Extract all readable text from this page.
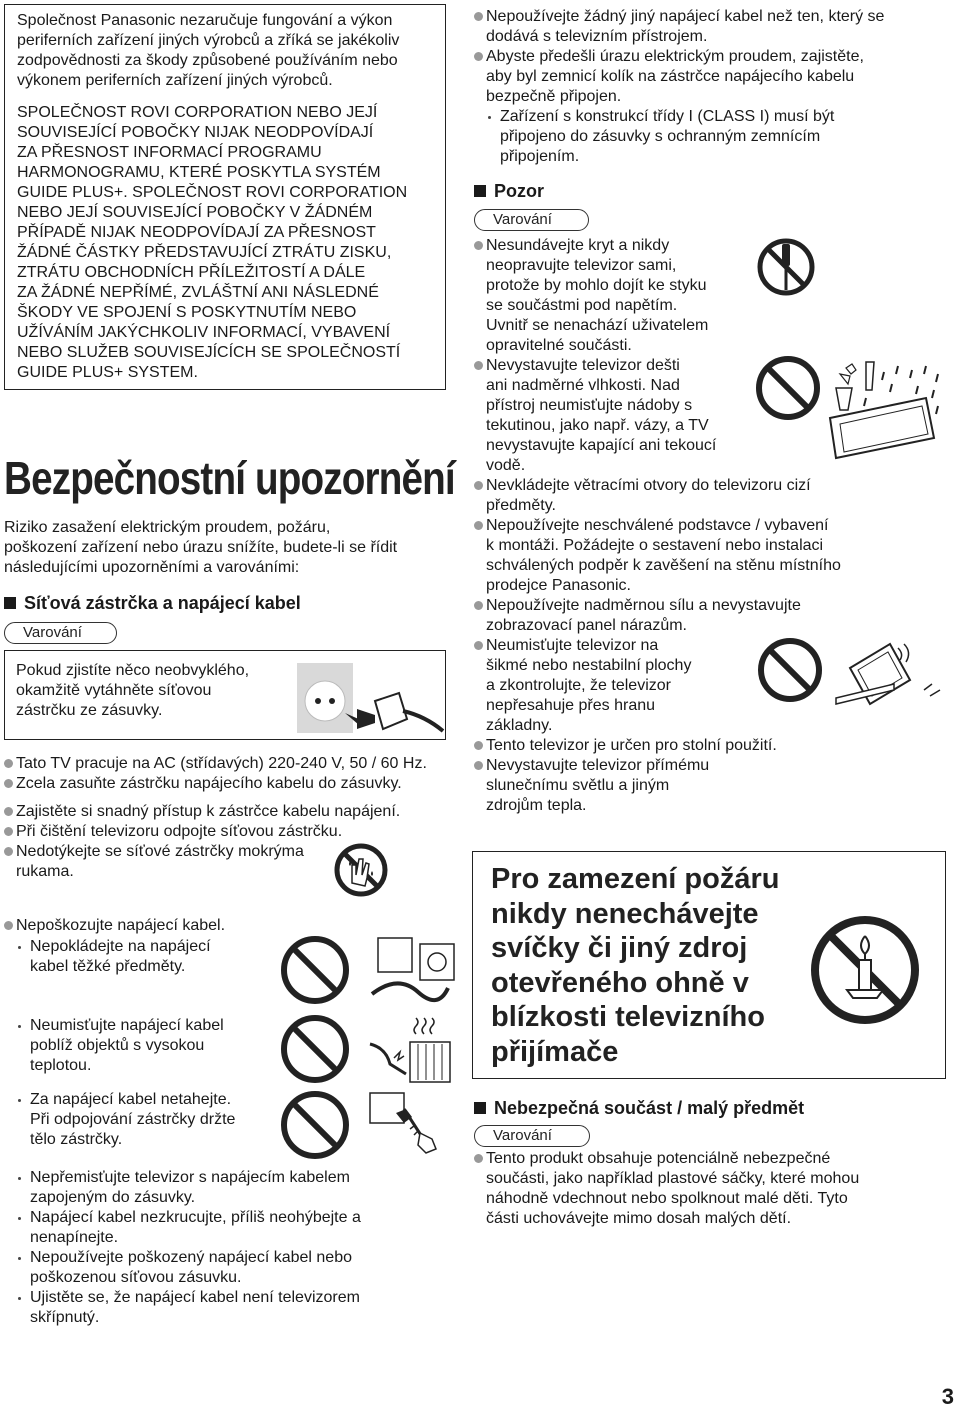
Společnost Panasonic nezaručuje fungování a výkon
periferních zařízení jiných výrobců a zříká se jakékoliv
zodpovědnosti za škody způsobené používáním nebo
výkonem periferních zařízení jiných výrobců.
SPOLEČNOST ROVI CORPORATION NEBO JEJÍ
SOUVISEJÍCÍ POBOČKY NIJAK NEODPOVÍDAJÍ
ZA PŘESNOST INFORMACÍ PROGRAMU
HARMONOGRAMU, KTERÉ POSKYTLA SYSTÉM
GUIDE PLUS+. SPOLEČNOST ROVI CORPORATION
NEBO JEJÍ SOUVISEJÍCÍ POBOČKY V ŽÁDNÉM
PŘÍPADĚ NIJAK NEODPOVÍDAJÍ ZA PŘESNOST
ŽÁDNÉ ČÁSTKY PŘEDSTAVUJÍCÍ ZTRÁTU ZISKU,
ZTRÁTU OBCHODNÍCH PŘÍLEŽITOSTÍ A DÁLE
ZA ŽÁDNÉ NEPŘÍMÉ, ZVLÁŠTNÍ ANI NÁSLEDNÉ
ŠKODY VE SPOJENÍ S POSKYTNUTÍM NEBO
UŽÍVÁNÍM JAKÝCHKOLIV INFORMACÍ, VYBAVENÍ
NEBO SLUŽEB SOUVISEJÍCÍCH SE SPOLEČNOSTÍ
GUIDE PLUS+ SYSTEM.
Bezpečnostní upozornění
Riziko zasažení elektrickým proudem, požáru,
poškození zařízení nebo úrazu snížíte, budete-li se řídit
následujícími upozorněními a varováními:
Síťová zástrčka a napájecí kabel
Varování
Pokud zjistíte něco neobvyklého,
okamžitě vytáhněte síťovou
zástrčku ze zásuvky.
Tato TV pracuje na AC (střídavých) 220-240 V, 50 / 60 Hz.
Zcela zasuňte zástrčku napájecího kabelu do zásuvky.
Zajistěte si snadný přístup k zástrčce kabelu napájení.
Při čištění televizoru odpojte síťovou zástrčku.
Nedotýkejte se síťové zástrčky mokrýma
rukama.
Nepoškozujte napájecí kabel.
Nepokládejte na napájecí
kabel těžké předměty.
Neumisťujte napájecí kabel
poblíž objektů s vysokou
teplotou.
Za napájecí kabel netahejte.
Při odpojování zástrčky držte
tělo zástrčky.
Nepřemisťujte televizor s napájecím kabelem
zapojeným do zásuvky.
Napájecí kabel nezkrucujte, příliš neohýbejte a
nenapínejte.
Nepoužívejte poškozený napájecí kabel nebo
poškozenou síťovou zásuvku.
Ujistěte se, že napájecí kabel není televizorem
skřípnutý.
Nepoužívejte žádný jiný napájecí kabel než ten, který se
dodává s televizním přístrojem.
Abyste předešli úrazu elektrickým proudem, zajistěte,
aby byl zemnicí kolík na zástrčce napájecího kabelu
bezpečně připojen.
Zařízení s konstrukcí třídy I (CLASS I) musí být
připojeno do zásuvky s ochranným zemnícím
připojením.
Pozor
Varování
Nesundávejte kryt a nikdy
neopravujte televizor sami,
protože by mohlo dojít ke styku
se součástmi pod napětím.
Uvnitř se nenachází uživatelem
opravitelné součásti.
Nevystavujte televizor dešti
ani nadměrné vlhkosti. Nad
přístroj neumisťujte nádoby s
tekutinou, jako např. vázy, a TV
nevystavujte kapající ani tekoucí
vodě.
Nevkládejte větracími otvory do televizoru cizí
předměty.
Nepoužívejte neschválené podstavce / vybavení
k montáži. Požádejte o sestavení nebo instalaci
schválených podpěr k zavěšení na stěnu místního
prodejce Panasonic.
Nepoužívejte nadměrnou sílu a nevystavujte
zobrazovací panel nárazům.
Neumisťujte televizor na
šikmé nebo nestabilní plochy
a zkontrolujte, že televizor
nepřesahuje přes hranu
základny.
Tento televizor je určen pro stolní použití.
Nevystavujte televizor přímému
slunečnímu světlu a jiným
zdrojům tepla.
Pro zamezení požáru
nikdy nenechávejte
svíčky či jiný zdroj
otevřeného ohně v
blízkosti televizního
přijímače
Nebezpečná součást / malý předmět
Varování
Tento produkt obsahuje potenciálně nebezpečné
součásti, jako například plastové sáčky, které mohou
náhodně vdechnout nebo spolknout malé děti. Tyto
části uchovávejte mimo dosah malých dětí.
3
